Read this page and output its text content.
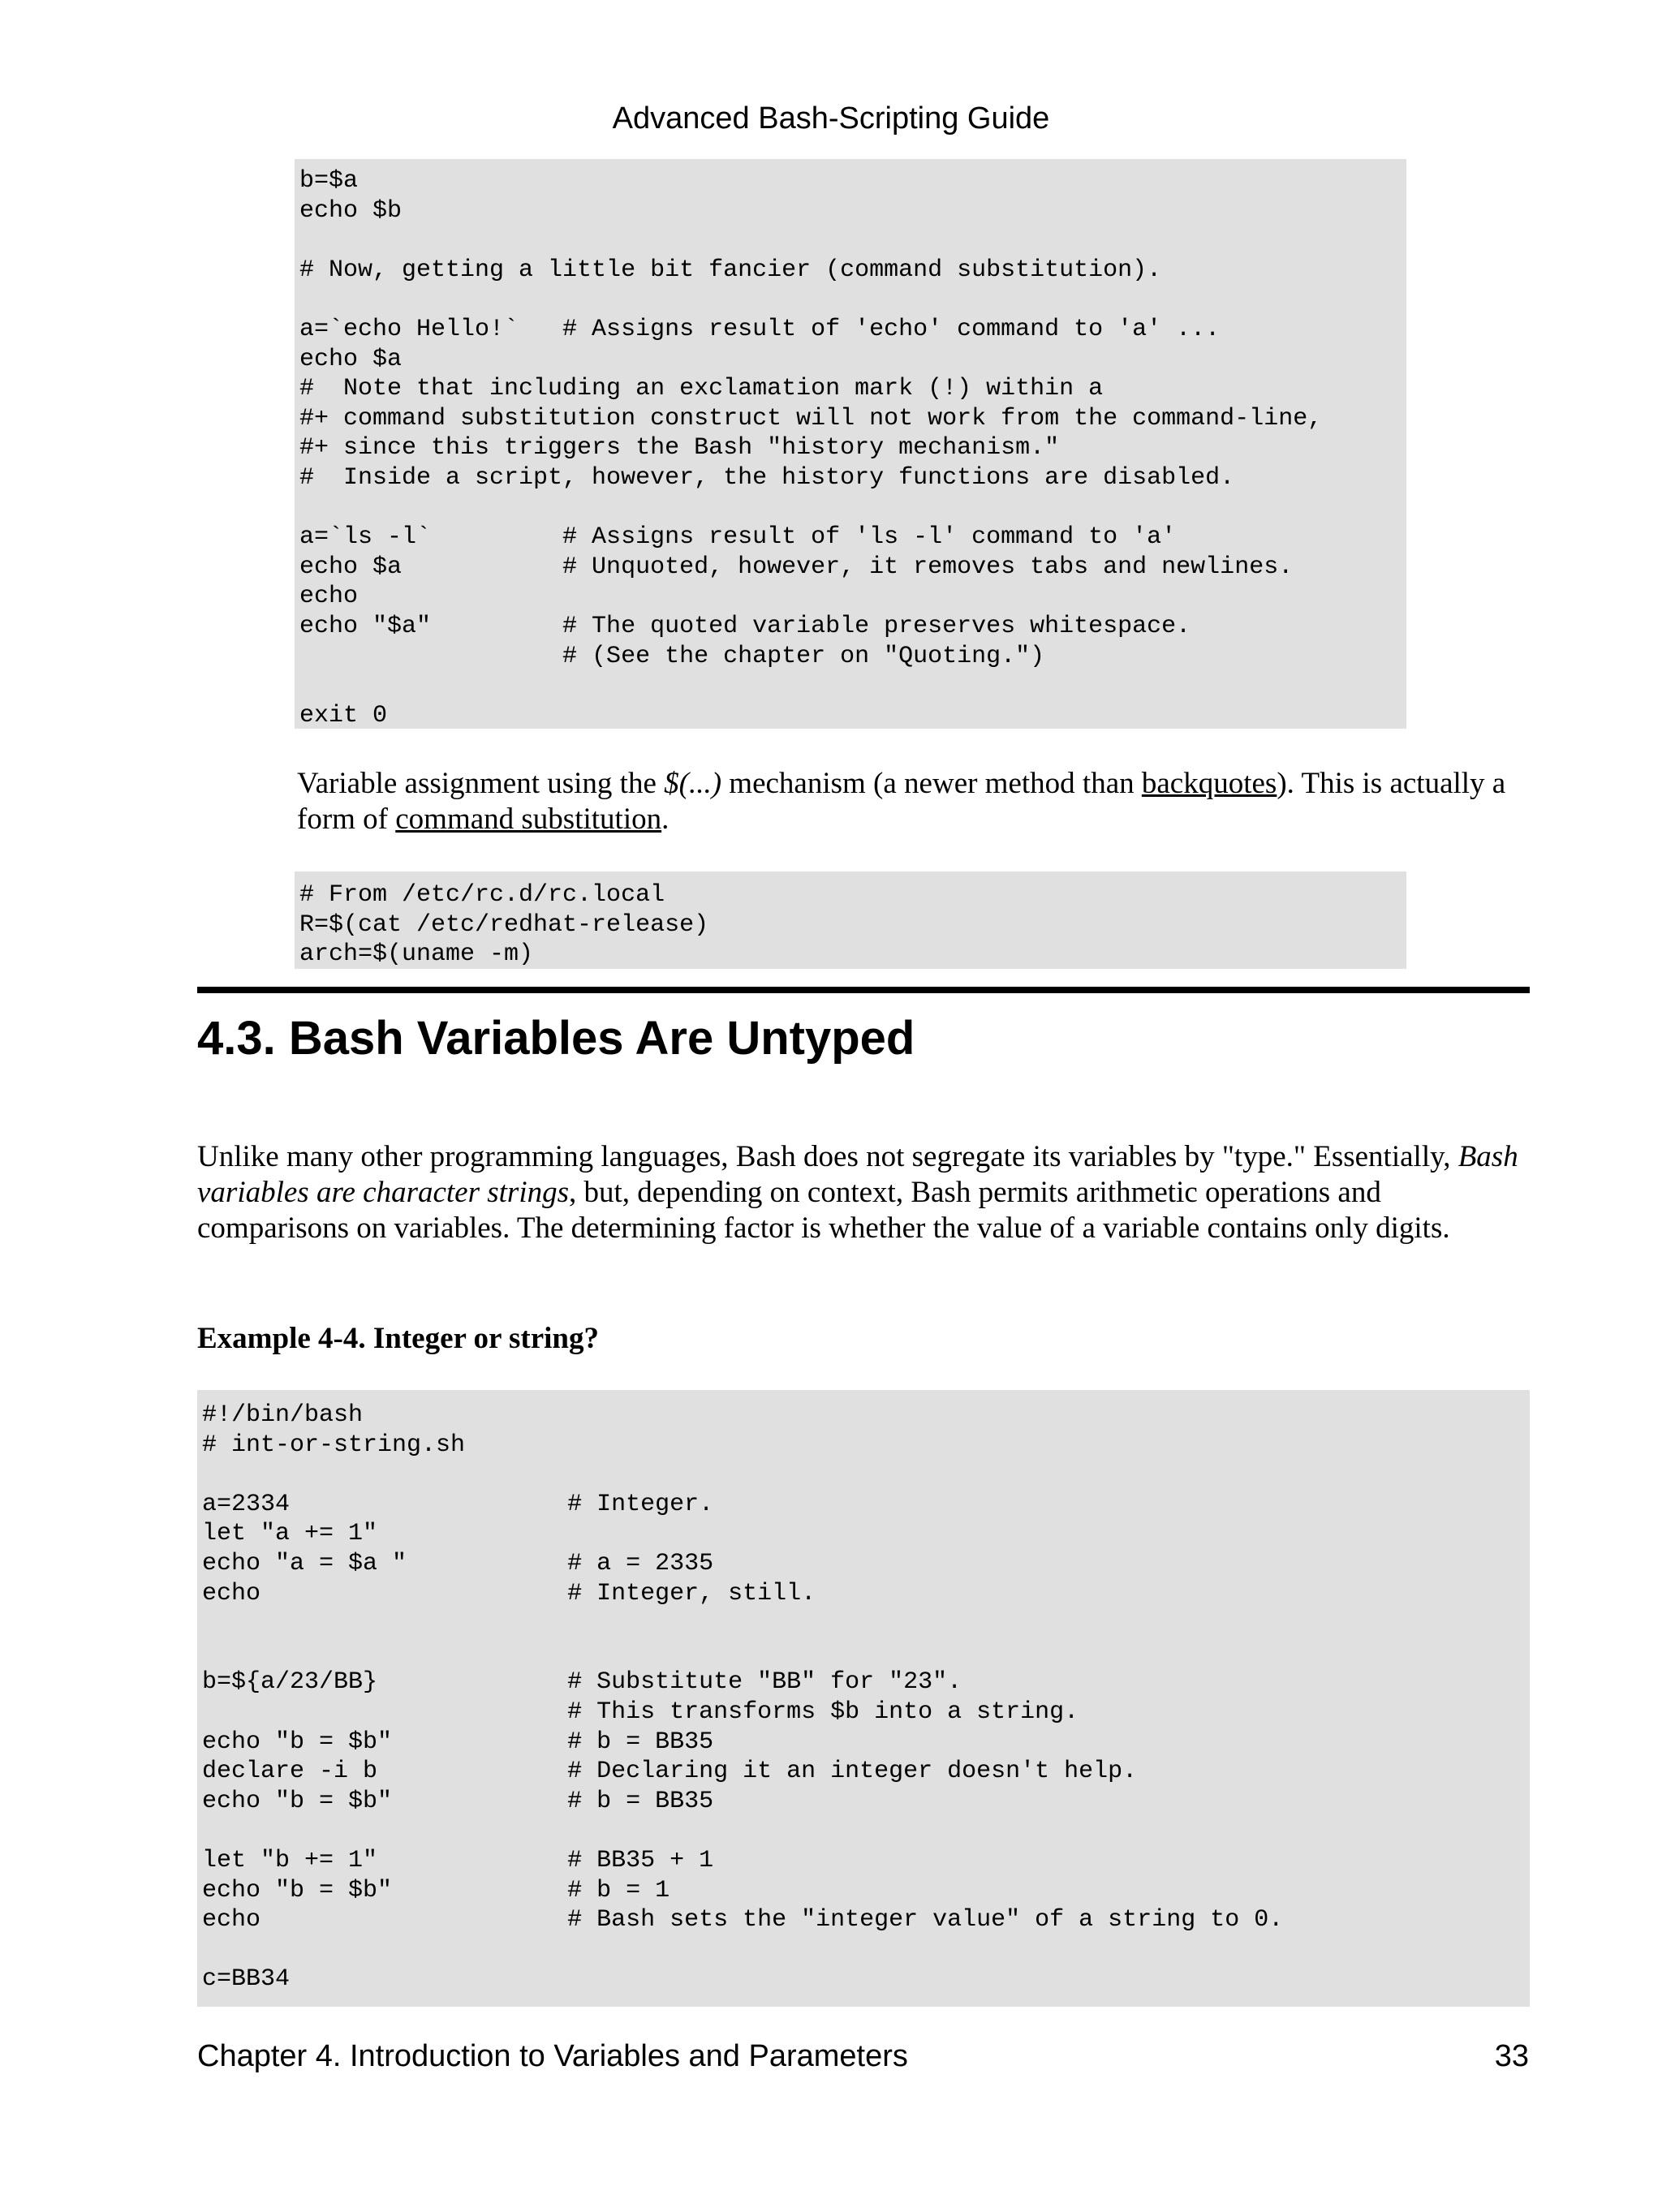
Advanced Bash-Scripting Guide
b=$a
echo $b

# Now, getting a little bit fancier (command substitution).

a=`echo Hello!`   # Assigns result of 'echo' command to 'a' ...
echo $a
#  Note that including an exclamation mark (!) within a
#+ command substitution construct will not work from the command-line,
#+ since this triggers the Bash "history mechanism."
#  Inside a script, however, the history functions are disabled.

a=`ls -l`         # Assigns result of 'ls -l' command to 'a'
echo $a           # Unquoted, however, it removes tabs and newlines.
echo
echo "$a"         # The quoted variable preserves whitespace.
# (See the chapter on "Quoting.")

exit 0

Variable assignment using the $(...) mechanism (a newer method than backquotes). This is actually a form of command substitution.

# From /etc/rc.d/rc.local
R=$(cat /etc/redhat-release)
arch=$(uname -m)
4.3. Bash Variables Are Untyped

Unlike many other programming languages, Bash does not segregate its variables by "type." Essentially, Bash variables are character strings, but, depending on context, Bash permits arithmetic operations and comparisons on variables. The determining factor is whether the value of a variable contains only digits.

Example 4-4. Integer or string?

#!/bin/bash
# int-or-string.sh

a=2334                   # Integer.
let "a += 1"
echo "a = $a "           # a = 2335
echo                     # Integer, still.

b=${a/23/BB}             # Substitute "BB" for "23".
# This transforms $b into a string.
echo "b = $b"            # b = BB35
declare -i b             # Declaring it an integer doesn't help.
echo "b = $b"            # b = BB35

let "b += 1"             # BB35 + 1
echo "b = $b"            # b = 1
echo                     # Bash sets the "integer value" of a string to 0.

c=BB34
Chapter 4. Introduction to Variables and Parameters	33
